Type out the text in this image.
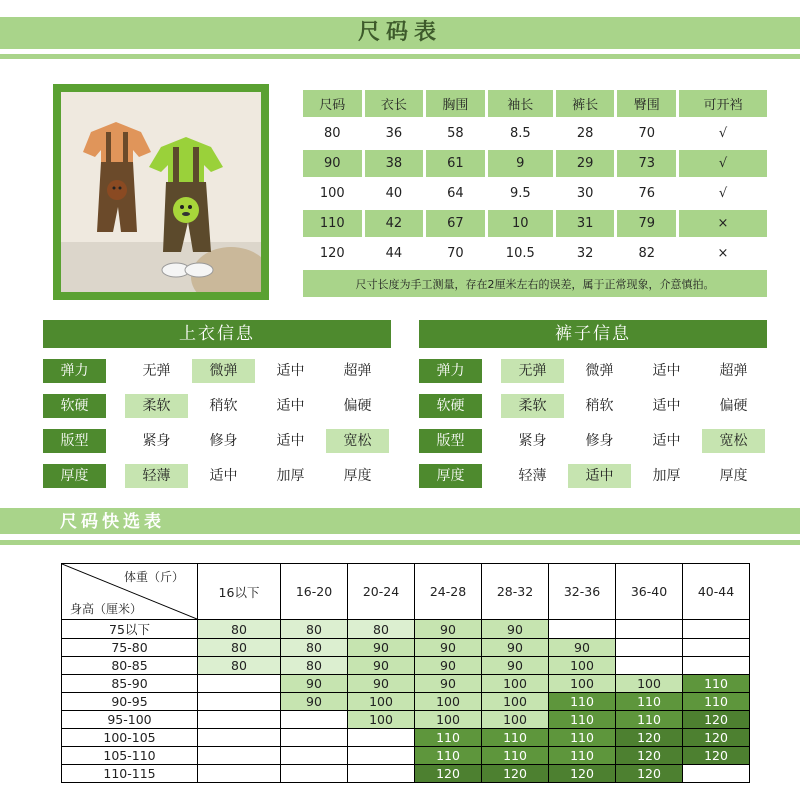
尺码表
尺码	衣长	胸围	袖长	裤长	臀围	可开裆
80	36	58	8.5	28	70	√
90	38	61	9	29	73	√
100	40	64	9.5	30	76	√
110	42	67	10	31	79	×
120	44	70	10.5	32	82	×
尺寸长度为手工测量，存在2厘米左右的误差，属于正常现象，介意慎拍。						
上衣信息	裤子信息
弹力	无弹	微弹	适中	超弹
软硬	柔软	稍软	适中	偏硬
版型	紧身	修身	适中	宽松
厚度	轻薄	适中	加厚	厚度
弹力	无弹	微弹	适中	超弹
软硬	柔软	稍软	适中	偏硬
版型	紧身	修身	适中	宽松
厚度	轻薄	适中	加厚	厚度
尺码快选表
体重（斤）
身高（厘米）	16以下	16-20	20-24	24-28	28-32	32-36	36-40	40-44
75以下	80	80	80	90	90			
75-80	80	80	90	90	90	90		
80-85	80	80	90	90	90	100		
85-90		90	90	90	100	100	100	110
90-95		90	100	100	100	110	110	110
95-100			100	100	100	110	110	120
100-105				110	110	110	120	120
105-110				110	110	110	120	120
110-115				120	120	120	120	
